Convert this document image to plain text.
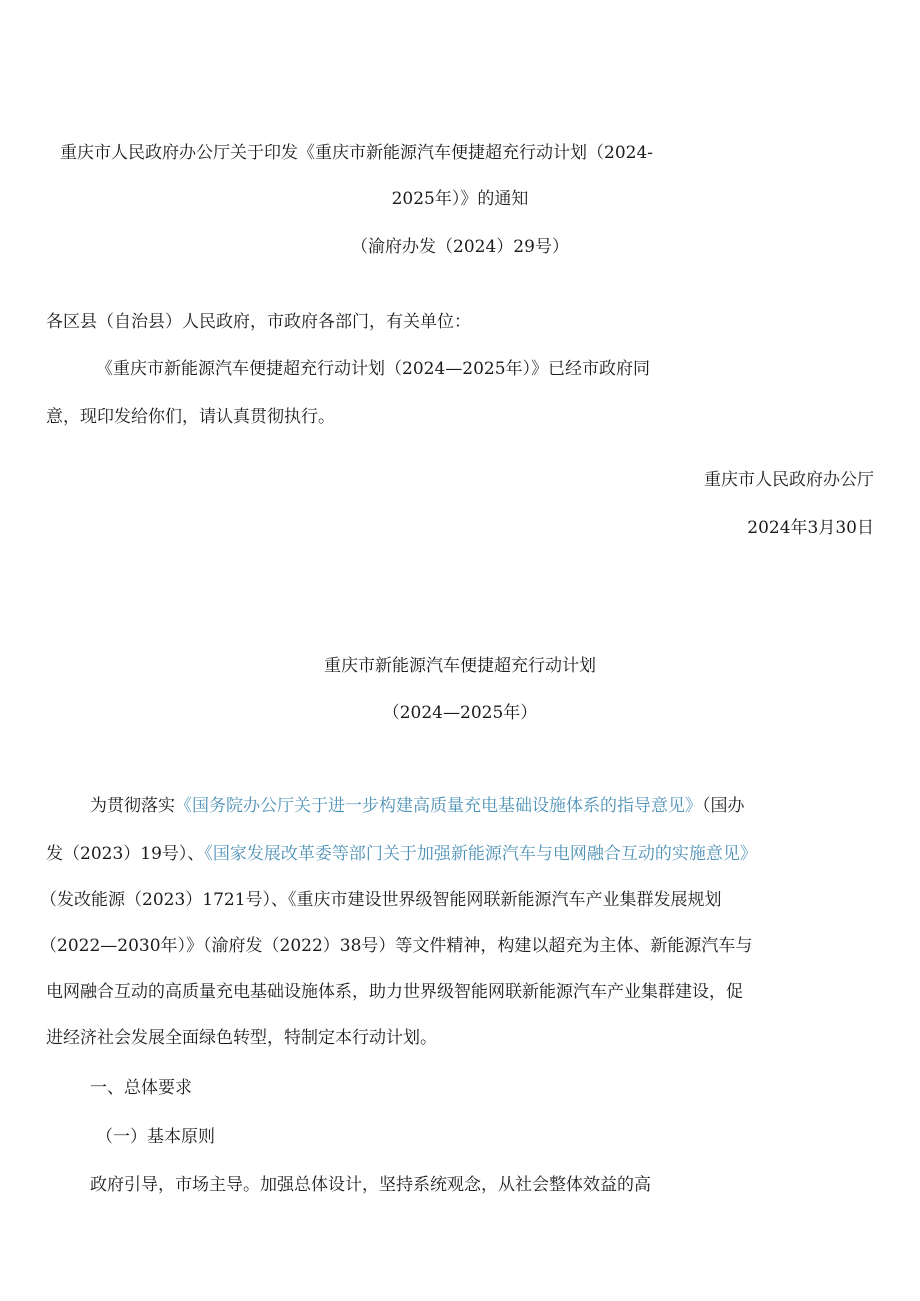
重庆市人民政府办公厅关于印发《重庆市新能源汽车便捷超充行动计划（2024-
2025年）》的通知
（渝府办发（2024）29号）
各区县（自治县）人民政府，市政府各部门，有关单位：
《重庆市新能源汽车便捷超充行动计划（2024—2025年）》已经市政府同
意，现印发给你们，请认真贯彻执行。
重庆市人民政府办公厅
2024年3月30日
重庆市新能源汽车便捷超充行动计划
（2024—2025年）
为贯彻落实《国务院办公厅关于进一步构建高质量充电基础设施体系的指导意见》（国办
发（2023）19号）、《国家发展改革委等部门关于加强新能源汽车与电网融合互动的实施意见》
（发改能源（2023）1721号）、《重庆市建设世界级智能网联新能源汽车产业集群发展规划
（2022—2030年）》（渝府发（2022）38号）等文件精神，构建以超充为主体、新能源汽车与
电网融合互动的高质量充电基础设施体系，助力世界级智能网联新能源汽车产业集群建设，促
进经济社会发展全面绿色转型，特制定本行动计划。
一、总体要求
（一）基本原则
政府引导，市场主导。加强总体设计，坚持系统观念，从社会整体效益的高
